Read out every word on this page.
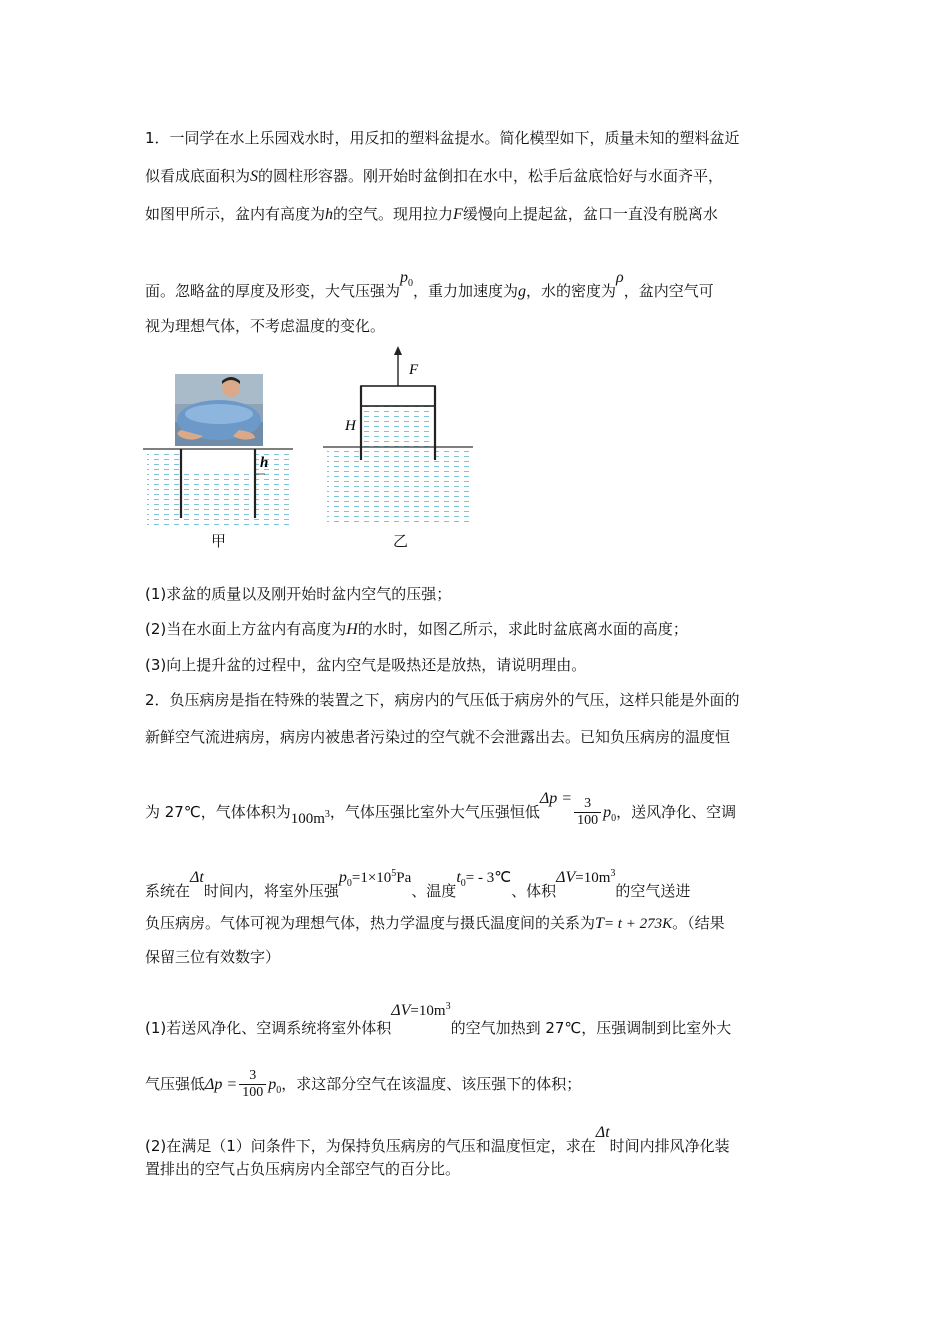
1．一同学在水上乐园戏水时，用反扣的塑料盆提水。简化模型如下，质量未知的塑料盆近
似看成底面积为S的圆柱形容器。刚开始时盆倒扣在水中，松手后盆底恰好与水面齐平，
如图甲所示，盆内有高度为h的空气。现用拉力F缓慢向上提起盆，盆口一直没有脱离水
面。忽略盆的厚度及形变，大气压强为$p_0$，重力加速度为g，水的密度为ρ，盆内空气可
视为理想气体，不考虑温度的变化。
h
甲
F
H
乙
(1)求盆的质量以及刚开始时盆内空气的压强；
(2)当在水面上方盆内有高度为H的水时，如图乙所示，求此时盆底离水面的高度；
(3)向上提升盆的过程中，盆内空气是吸热还是放热，请说明理由。
2．负压病房是指在特殊的装置之下，病房内的气压低于病房外的气压，这样只能是外面的
新鲜空气流进病房，病房内被患者污染过的空气就不会泄露出去。已知负压病房的温度恒
为 27℃，气体体积为$100m^3$，气体压强比室外大气压强恒低$\Delta p = \frac{3}{100} p_0$，送风净化、空调
系统在Δt时间内，将室外压强$p_0=1\times 10^5Pa$、温度$t_0=$ - 3℃、体积$\Delta V=10m^3$的空气送进
负压病房。气体可视为理想气体，热力学温度与摄氏温度间的关系为T= t + 273K。（结果
保留三位有效数字）
(1)若送风净化、空调系统将室外体积$\Delta V=10m^3$的空气加热到 27℃，压强调制到比室外大
气压强低$\Delta p = \frac{3}{100} p_0$，求这部分空气在该温度、该压强下的体积；
(2)在满足（1）问条件下，为保持负压病房的气压和温度恒定，求在Δt时间内排风净化装
置排出的空气占负压病房内全部空气的百分比。
